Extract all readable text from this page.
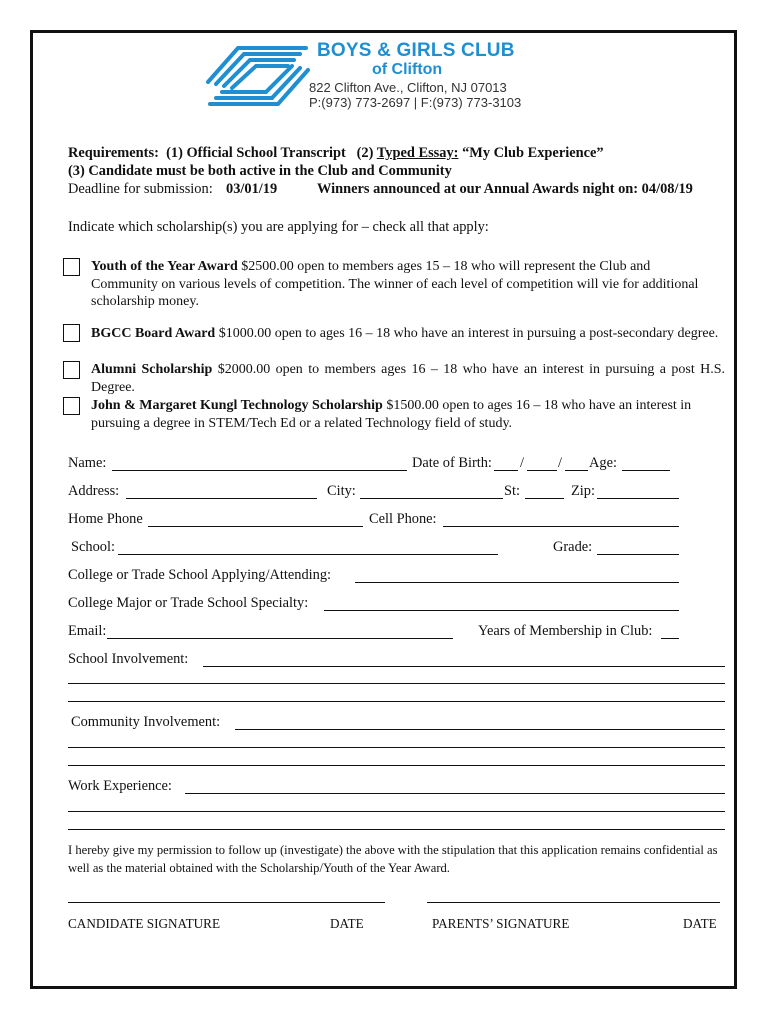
BOYS & GIRLS CLUB
of Clifton
822 Clifton Ave., Clifton, NJ 07013
P:(973) 773-2697 | F:(973) 773-3103
Requirements: (1) Official School Transcript (2) Typed Essay: “My Club Experience”
(3) Candidate must be both active in the Club and Community
Deadline for submission: 03/01/19	Winners announced at our Annual Awards night on: 04/08/19
Indicate which scholarship(s) you are applying for – check all that apply:
Youth of the Year Award $2500.00 open to members ages 15 – 18 who will represent the Club and Community on various levels of competition. The winner of each level of competition will vie for additional scholarship money.
BGCC Board Award $1000.00 open to ages 16 – 18 who have an interest in pursuing a post-secondary degree.
Alumni Scholarship $2000.00 open to members ages 16 – 18 who have an interest in pursuing a post H.S. Degree.
John & Margaret Kungl Technology Scholarship $1500.00 open to ages 16 – 18 who have an interest in pursuing a degree in STEM/Tech Ed or a related Technology field of study.
Name:	Date of Birth: / / Age:
Address:	City:	St:	Zip:
Home Phone	Cell Phone:
School:	Grade:
College or Trade School Applying/Attending:
College Major or Trade School Specialty:
Email:	Years of Membership in Club:
School Involvement:
Community Involvement:
Work Experience:
I hereby give my permission to follow up (investigate) the above with the stipulation that this application remains confidential as well as the material obtained with the Scholarship/Youth of the Year Award.
CANDIDATE SIGNATURE	DATE	PARENTS’ SIGNATURE	DATE
